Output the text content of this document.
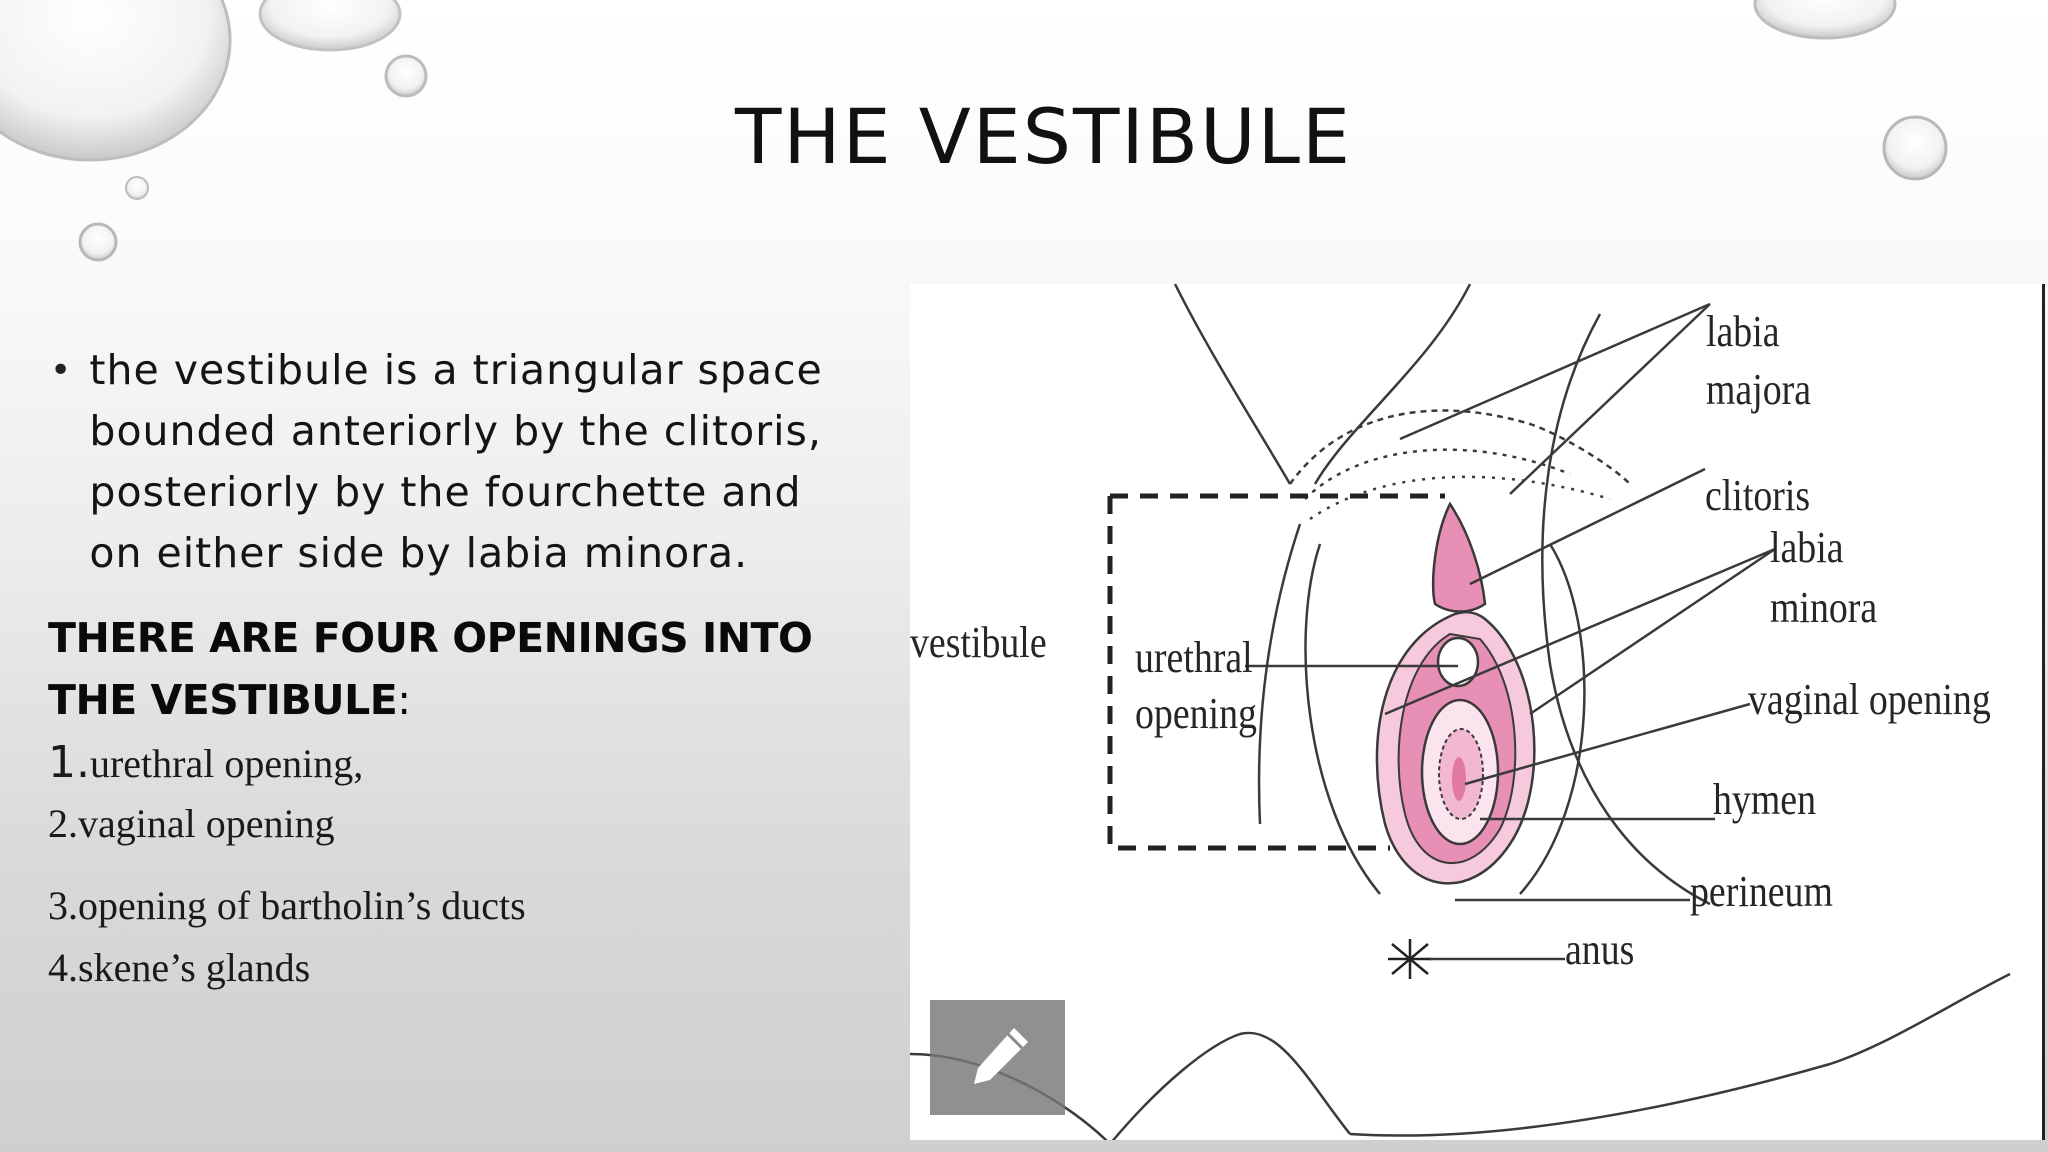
THE VESTIBULE
• the vestibule is a triangular space bounded anteriorly by the clitoris, posteriorly by the fourchette and on either side by labia minora.
THERE ARE FOUR OPENINGS INTO THE VESTIBULE:
1.urethral opening,
2.vaginal opening
3.opening of bartholin’s ducts
4.skene’s glands
labia
majora
clitoris
labia
minora
vestibule urethral
opening	vaginal opening
hymen
perineum
anus
